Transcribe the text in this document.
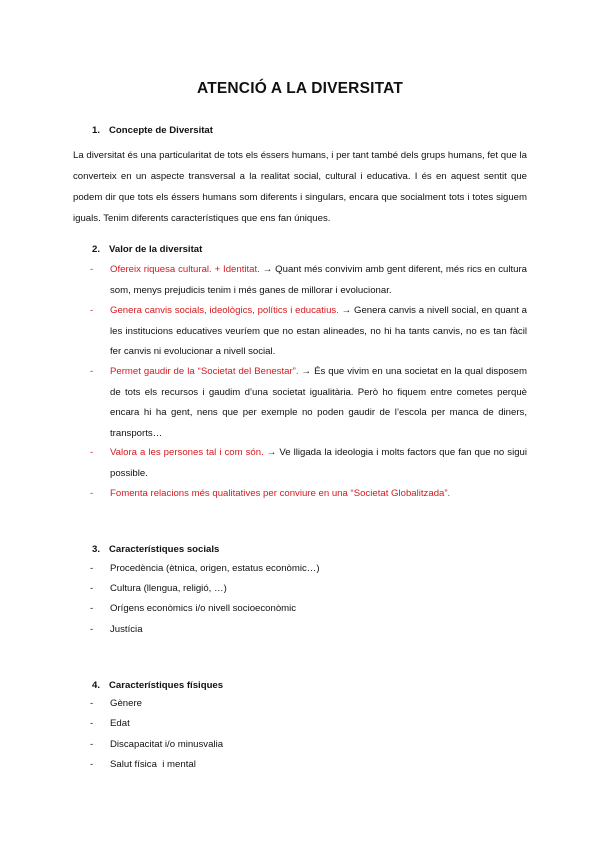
ATENCIÓ A LA DIVERSITAT
1. Concepte de Diversitat
La diversitat és una particularitat de tots els éssers humans, i per tant també dels grups humans, fet que la converteix en un aspecte transversal a la realitat social, cultural i educativa. I és en aquest sentit que podem dir que tots els éssers humans som diferents i singulars, encara que socialment tots i totes siguem iguals. Tenim diferents característiques que ens fan úniques.
2. Valor de la diversitat
- Ofereix riquesa cultural. + Identitat. → Quant més convivim amb gent diferent, més rics en cultura som, menys prejudicis tenim i més ganes de millorar i evolucionar.
- Genera canvis socials, ideològics, polítics i educatius. → Genera canvis a nivell social, en quant a les institucions educatives veuríem que no estan alineades, no hi ha tants canvis, no es tan fàcil fer canvis ni evolucionar a nivell social.
- Permet gaudir de la “Societat del Benestar”. → És que vivim en una societat en la qual disposem de tots els recursos i gaudim d’una societat igualitària. Però ho fiquem entre cometes perquè encara hi ha gent, nens que per exemple no poden gaudir de l’escola per manca de diners, transports…
- Valora a les persones tal i com són. → Ve lligada la ideologia i molts factors que fan que no sigui possible.
- Fomenta relacions més qualitatives per conviure en una “Societat Globalitzada”.
3. Característiques socials
- Procedència (ètnica, origen, estatus econòmic…)
- Cultura (llengua, religió, …)
- Orígens econòmics i/o nivell socioeconòmic
- Justícia
4. Característiques físiques
- Gènere
- Edat
- Discapacitat i/o minusvalia
- Salut física  i mental
